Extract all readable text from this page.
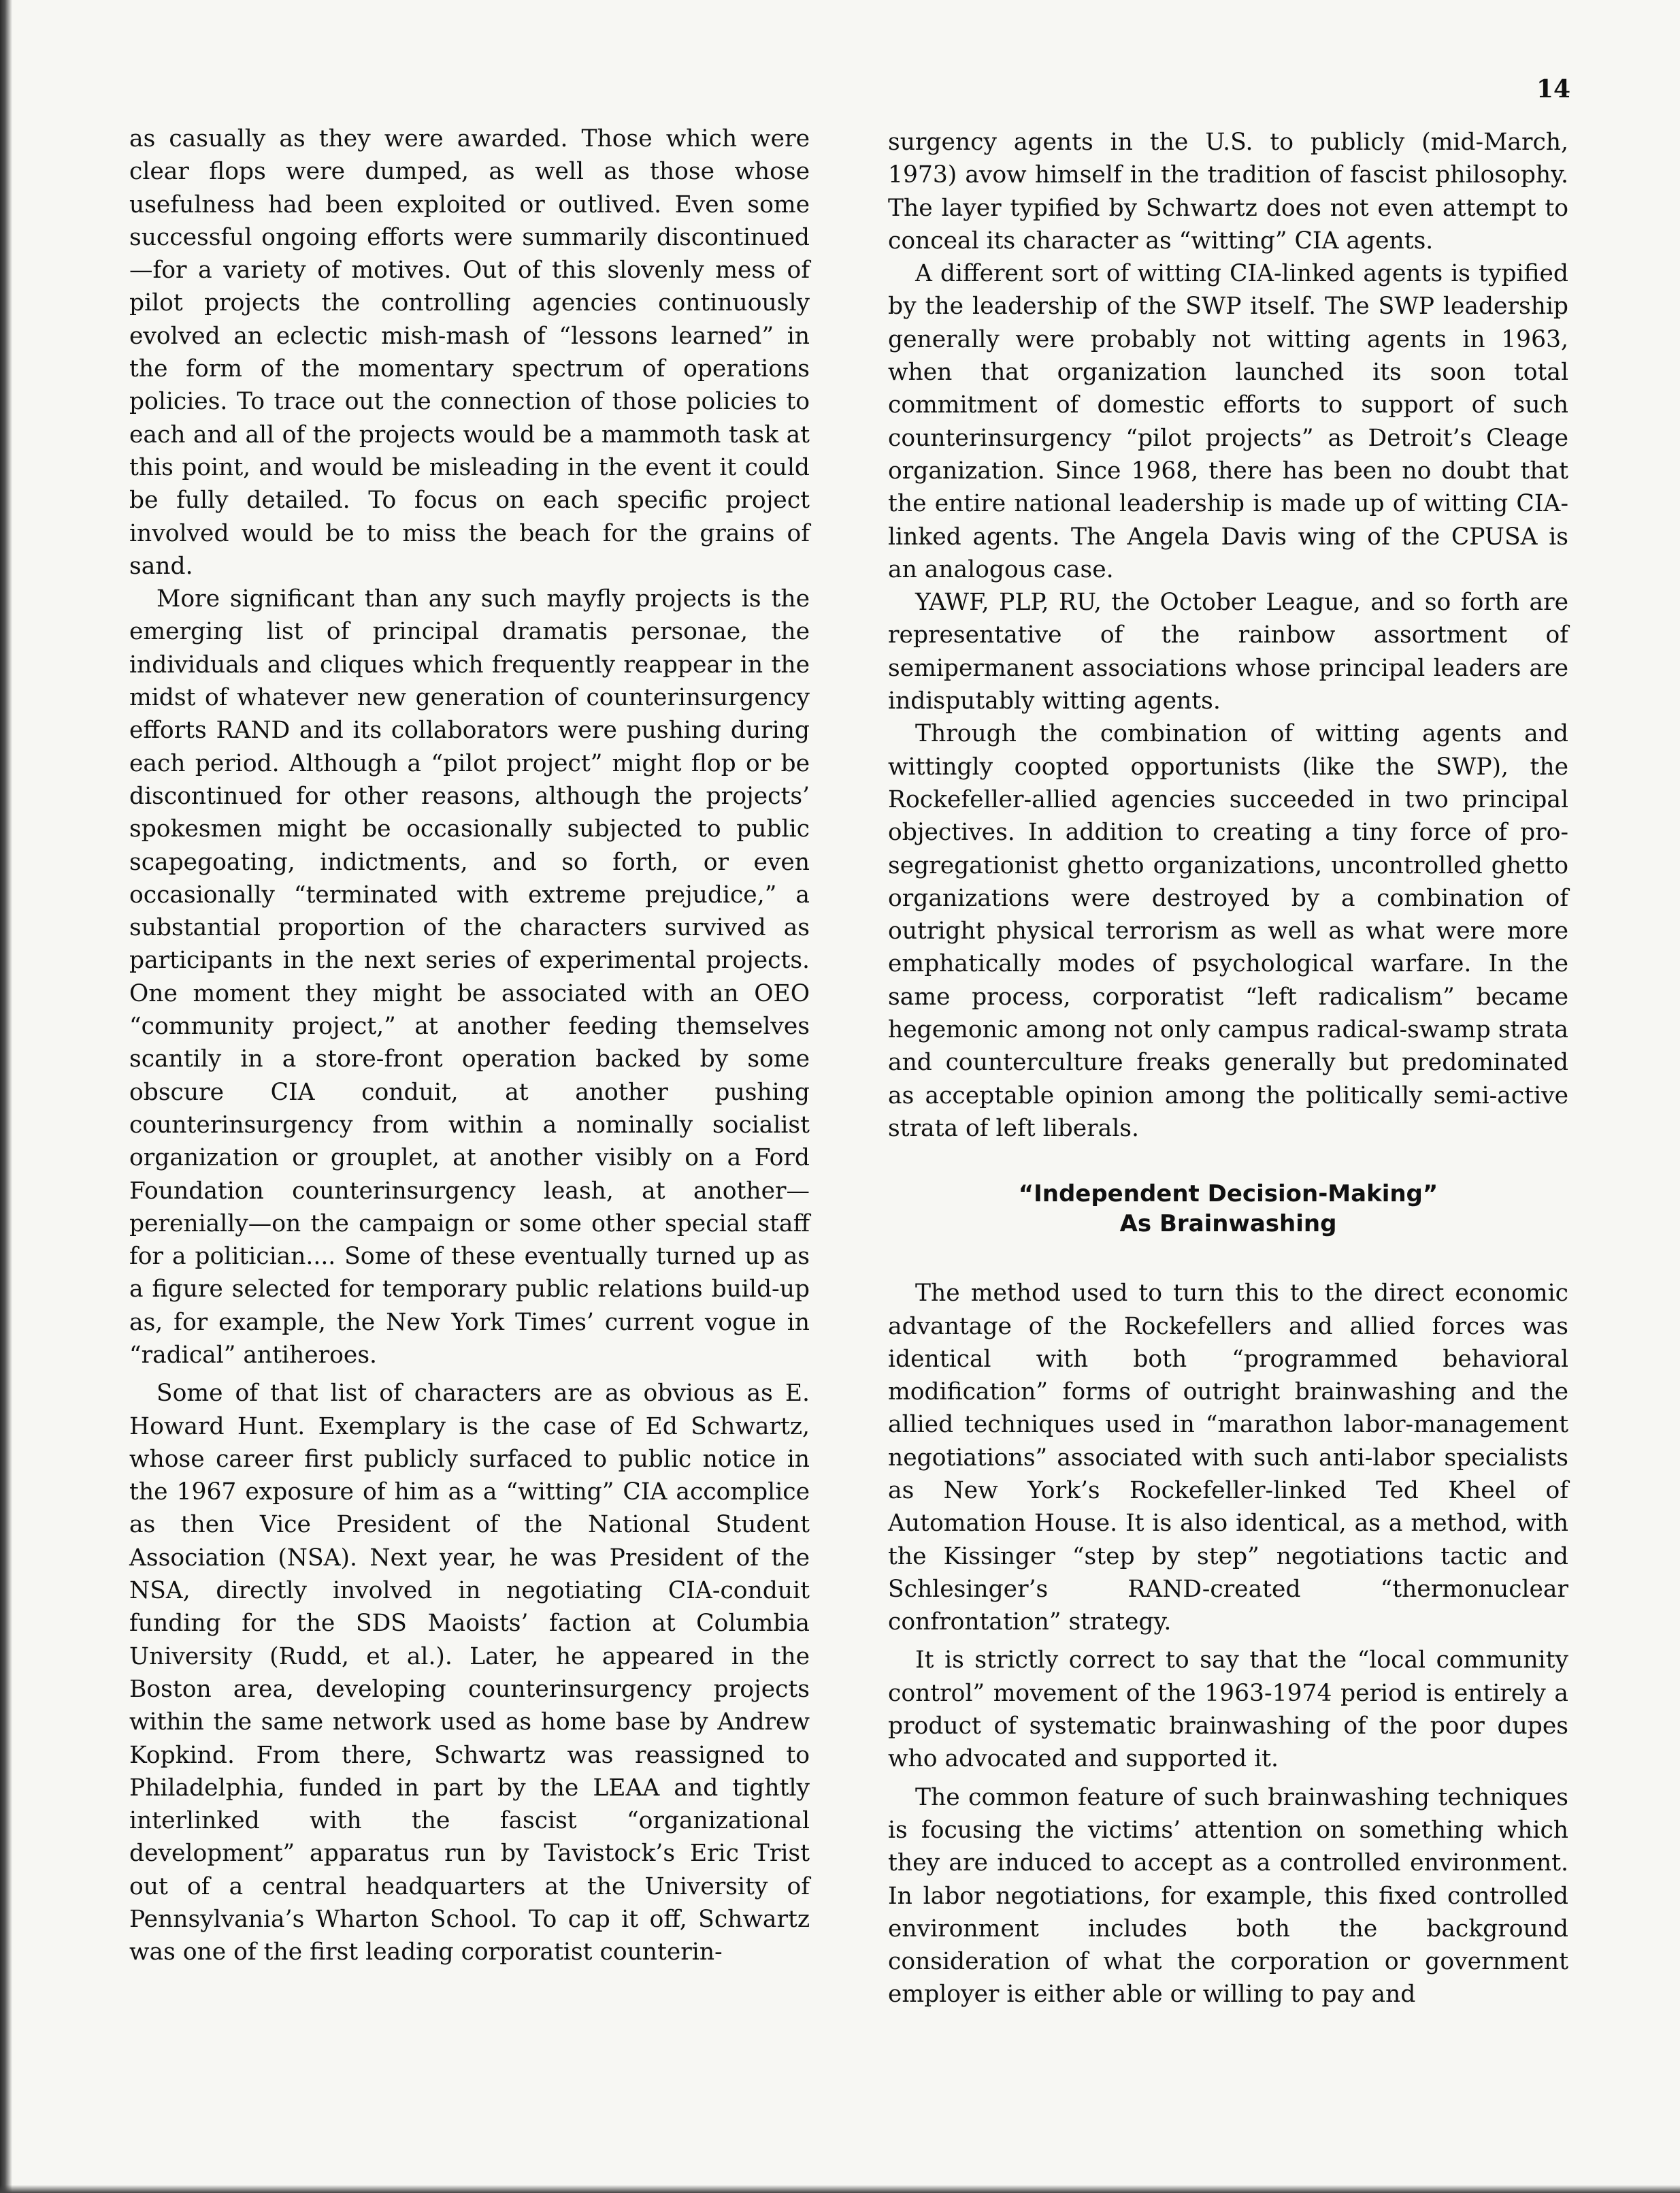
14

as casually as they were awarded. Those which were clear flops were dumped, as well as those whose usefulness had been exploited or outlived. Even some successful ongoing efforts were summarily discontinued—for a variety of motives. Out of this slovenly mess of pilot projects the controlling agencies continuously evolved an eclectic mish-mash of “lessons learned” in the form of the momentary spectrum of operations policies. To trace out the connection of those policies to each and all of the projects would be a mammoth task at this point, and would be misleading in the event it could be fully detailed. To focus on each specific project involved would be to miss the beach for the grains of sand.

More significant than any such mayfly projects is the emerging list of principal dramatis personae, the individuals and cliques which frequently reappear in the midst of whatever new generation of counterinsurgency efforts RAND and its collaborators were pushing during each period. Although a “pilot project” might flop or be discontinued for other reasons, although the projects’ spokesmen might be occasionally subjected to public scapegoating, indictments, and so forth, or even occasionally “terminated with extreme prejudice,” a substantial proportion of the characters survived as participants in the next series of experimental projects. One moment they might be associated with an OEO “community project,” at another feeding themselves scantily in a store-front operation backed by some obscure CIA conduit, at another pushing counterinsurgency from within a nominally socialist organization or grouplet, at another visibly on a Ford Foundation counterinsurgency leash, at another—perenially—on the campaign or some other special staff for a politician.... Some of these eventually turned up as a figure selected for temporary public relations build-up as, for example, the New York Times’ current vogue in “radical” antiheroes.

Some of that list of characters are as obvious as E. Howard Hunt. Exemplary is the case of Ed Schwartz, whose career first publicly surfaced to public notice in the 1967 exposure of him as a “witting” CIA accomplice as then Vice President of the National Student Association (NSA). Next year, he was President of the NSA, directly involved in negotiating CIA-conduit funding for the SDS Maoists’ faction at Columbia University (Rudd, et al.). Later, he appeared in the Boston area, developing counterinsurgency projects within the same network used as home base by Andrew Kopkind. From there, Schwartz was reassigned to Philadelphia, funded in part by the LEAA and tightly interlinked with the fascist “organizational development” apparatus run by Tavistock’s Eric Trist out of a central headquarters at the University of Pennsylvania’s Wharton School. To cap it off, Schwartz was one of the first leading corporatist counterin-

surgency agents in the U.S. to publicly (mid-March, 1973) avow himself in the tradition of fascist philosophy. The layer typified by Schwartz does not even attempt to conceal its character as “witting” CIA agents.

A different sort of witting CIA-linked agents is typified by the leadership of the SWP itself. The SWP leadership generally were probably not witting agents in 1963, when that organization launched its soon total commitment of domestic efforts to support of such counterinsurgency “pilot projects” as Detroit’s Cleage organization. Since 1968, there has been no doubt that the entire national leadership is made up of witting CIA-linked agents. The Angela Davis wing of the CPUSA is an analogous case.

YAWF, PLP, RU, the October League, and so forth are representative of the rainbow assortment of semipermanent associations whose principal leaders are indisputably witting agents.

Through the combination of witting agents and wittingly coopted opportunists (like the SWP), the Rockefeller-allied agencies succeeded in two principal objectives. In addition to creating a tiny force of pro-segregationist ghetto organizations, uncontrolled ghetto organizations were destroyed by a combination of outright physical terrorism as well as what were more emphatically modes of psychological warfare. In the same process, corporatist “left radicalism” became hegemonic among not only campus radical-swamp strata and counterculture freaks generally but predominated as acceptable opinion among the politically semi-active strata of left liberals.

“Independent Decision-Making”
As Brainwashing

The method used to turn this to the direct economic advantage of the Rockefellers and allied forces was identical with both “programmed behavioral modification” forms of outright brainwashing and the allied techniques used in “marathon labor-management negotiations” associated with such anti-labor specialists as New York’s Rockefeller-linked Ted Kheel of Automation House. It is also identical, as a method, with the Kissinger “step by step” negotiations tactic and Schlesinger’s RAND-created “thermonuclear confrontation” strategy.

It is strictly correct to say that the “local community control” movement of the 1963-1974 period is entirely a product of systematic brainwashing of the poor dupes who advocated and supported it.

The common feature of such brainwashing techniques is focusing the victims’ attention on something which they are induced to accept as a controlled environment. In labor negotiations, for example, this fixed controlled environment includes both the background consideration of what the corporation or government employer is either able or willing to pay and
